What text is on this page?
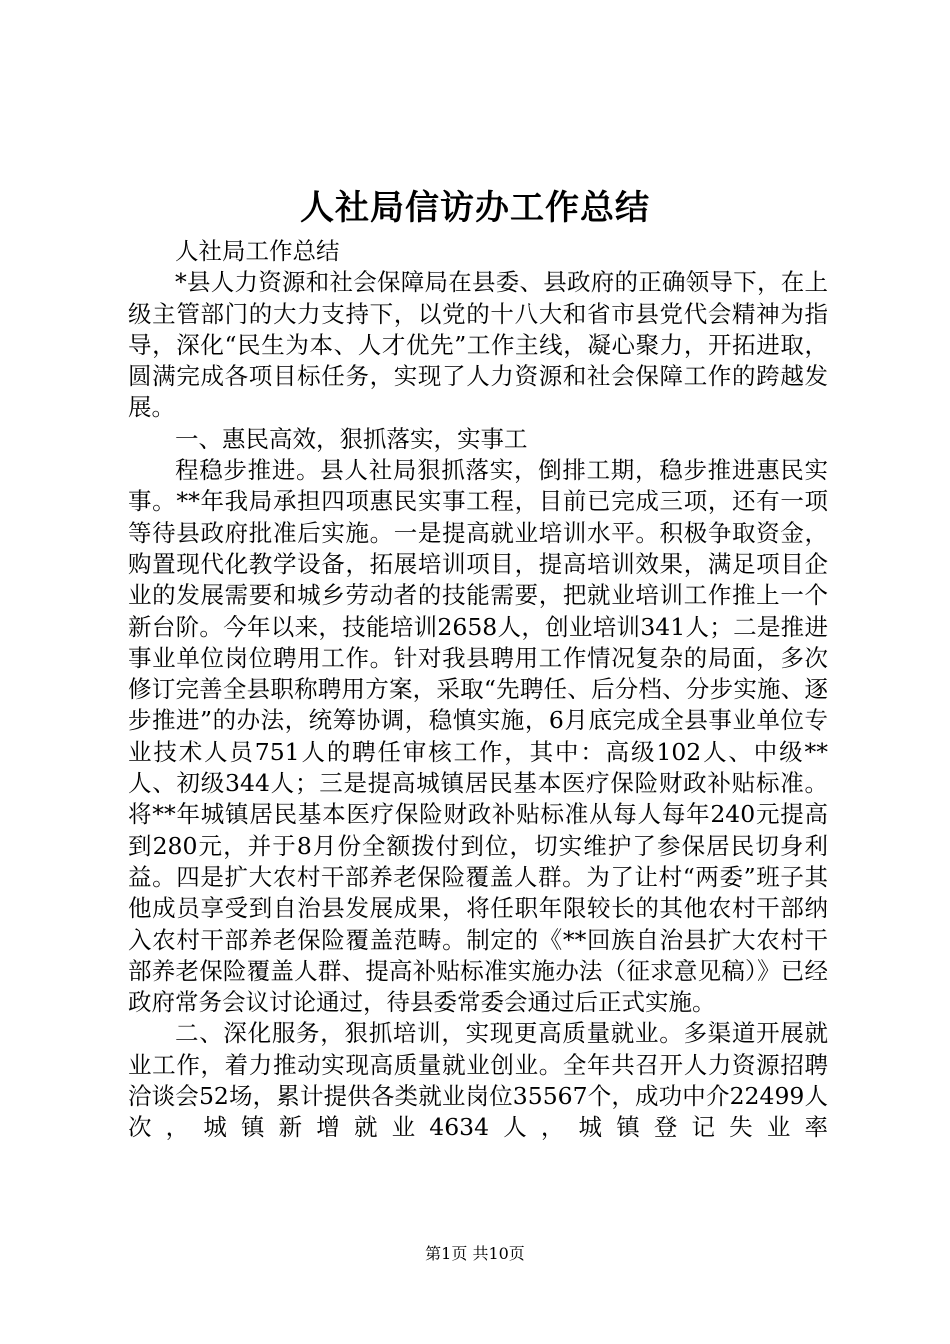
人社局信访办工作总结

人社局工作总结

*县人力资源和社会保障局在县委、县政府的正确领导下，在上级主管部门的大力支持下，以党的十八大和省市县党代会精神为指导，深化“民生为本、人才优先”工作主线，凝心聚力，开拓进取，圆满完成各项目标任务，实现了人力资源和社会保障工作的跨越发展。

一、惠民高效，狠抓落实，实事工

程稳步推进。县人社局狠抓落实，倒排工期，稳步推进惠民实事。**年我局承担四项惠民实事工程，目前已完成三项，还有一项等待县政府批准后实施。一是提高就业培训水平。积极争取资金，购置现代化教学设备，拓展培训项目，提高培训效果，满足项目企业的发展需要和城乡劳动者的技能需要，把就业培训工作推上一个新台阶。今年以来，技能培训2658人，创业培训341人；二是推进事业单位岗位聘用工作。针对我县聘用工作情况复杂的局面，多次修订完善全县职称聘用方案，采取“先聘任、后分档、分步实施、逐步推进”的办法，统筹协调，稳慎实施，6月底完成全县事业单位专业技术人员751人的聘任审核工作，其中：高级102人、中级**人、初级344人；三是提高城镇居民基本医疗保险财政补贴标准。将**年城镇居民基本医疗保险财政补贴标准从每人每年240元提高到280元，并于8月份全额拨付到位，切实维护了参保居民切身利益。四是扩大农村干部养老保险覆盖人群。为了让村“两委”班子其他成员享受到自治县发展成果，将任职年限较长的其他农村干部纳入农村干部养老保险覆盖范畴。制定的《**回族自治县扩大农村干部养老保险覆盖人群、提高补贴标准实施办法（征求意见稿）》已经政府常务会议讨论通过，待县委常委会通过后正式实施。

二、深化服务，狠抓培训，实现更高质量就业。多渠道开展就业工作，着力推动实现高质量就业创业。全年共召开人力资源招聘洽谈会52场，累计提供各类就业岗位35567个，成功中介22499人次，城镇新增就业4634人，城镇登记失业率

第1页 共10页
